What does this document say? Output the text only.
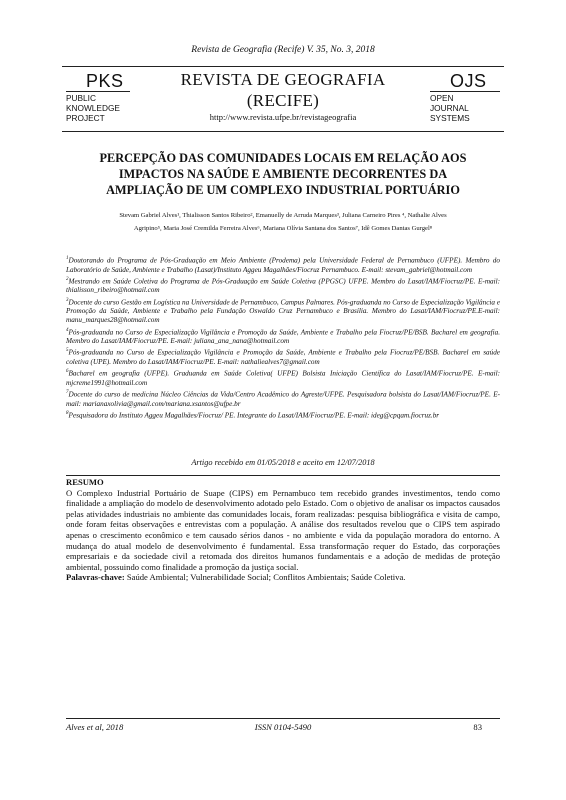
Revista de Geografia (Recife) V. 35, No. 3, 2018
PKS
PUBLIC
KNOWLEDGE
PROJECT
REVISTA DE GEOGRAFIA
(RECIFE)
http://www.revista.ufpe.br/revistageografia
OJS
OPEN
JOURNAL
SYSTEMS
PERCEPÇÃO DAS COMUNIDADES LOCAIS EM RELAÇÃO AOS
IMPACTOS NA SAÚDE E AMBIENTE DECORRENTES DA
AMPLIAÇÃO DE UM COMPLEXO INDUSTRIAL PORTUÁRIO
Stevam Gabriel Alves¹, Thialisson Santos Ribeiro², Emanuelly de Arruda Marques³, Juliana Carneiro Pires ⁴, Nathalie Alves
Agripino⁵, Maria José Cremilda Ferreira Alves⁶, Mariana Olívia Santana dos Santos⁷, Idê Gomes Dantas Gurgel⁸

$^1$Doutorando do Programa de Pós-Graduação em Meio Ambiente (Prodema) pela Universidade Federal de Pernambuco (UFPE). Membro do Laboratório de Saúde, Ambiente e Trabalho (Lasat)/Instituto Aggeu Magalhães/Fiocruz Pernambuco. E-mail: stevam_gabriel@hotmail.com

$^2$Mestrando em Saúde Coletiva do Programa de Pós-Graduação em Saúde Coletiva (PPGSC) UFPE. Membro do Lasat/IAM/Fiocruz/PE. E-mail: thialisson_ribeiro@hotmail.com

$^3$Docente do curso Gestão em Logística na Universidade de Pernambuco, Campus Palmares. Pós-graduanda no Curso de Especialização Vigilância e Promoção da Saúde, Ambiente e Trabalho pela Fundação Oswaldo Cruz Pernambuco e Brasília. Membro do Lasat/IAM/Fiocruz/PE.E-mail: manu_marques28@hotmail.com

$^4$Pós-graduanda no Curso de Especialização Vigilância e Promoção da Saúde, Ambiente e Trabalho pela Fiocruz/PE/BSB. Bacharel em geografia. Membro do Lasat/IAM/Fiocruz/PE. E-mail: juliana_ana_nana@hotmail.com

$^5$Pós-graduanda no Curso de Especialização Vigilância e Promoção da Saúde, Ambiente e Trabalho pela Fiocruz/PE/BSB. Bacharel em saúde coletiva (UPE). Membro do Lasat/IAM/Fiocruz/PE. E-mail: nathaliealves7@gmail.com

$^6$Bacharel em geografia (UFPE). Graduanda em Saúde Coletiva( UFPE) Bolsista Iniciação Científica do Lasat/IAM/Fiocruz/PE. E-mail: mjcreme1991@hotmail.com

$^7$Docente do curso de medicina Núcleo Ciências da Vida/Centro Acadêmico do Agreste/UFPE. Pesquisadora bolsista do Lasat/IAM/Fiocruz/PE. E-mail: marianaxolivia@gmail.com/mariana.xsantos@ufpe.br

$^8$Pesquisadora do Instituto Aggeu Magalhães/Fiocruz/ PE. Integrante do Lasat/IAM/Fiocruz/PE. E-mail: ideg@cpqam.fiocruz.br

Artigo recebido em 01/05/2018 e aceito em 12/07/2018
RESUMO

O Complexo Industrial Portuário de Suape (CIPS) em Pernambuco tem recebido grandes investimentos, tendo como finalidade a ampliação do modelo de desenvolvimento adotado pelo Estado. Com o objetivo de analisar os impactos causados pelas atividades industriais no ambiente das comunidades locais, foram realizadas: pesquisa bibliográfica e visita de campo, onde foram feitas observações e entrevistas com a população. A análise dos resultados revelou que o CIPS tem aspirado apenas o crescimento econômico e tem causado sérios danos - no ambiente e vida da população moradora do entorno. A mudança do atual modelo de desenvolvimento é fundamental. Essa transformação requer do Estado, das corporações empresariais e da sociedade civil a retomada dos direitos humanos fundamentais e a adoção de medidas de proteção ambiental, possuindo como finalidade a promoção da justiça social.

Palavras-chave: Saúde Ambiental; Vulnerabilidade Social; Conflitos Ambientais; Saúde Coletiva.

Alves et al, 2018	ISSN 0104-5490	83
